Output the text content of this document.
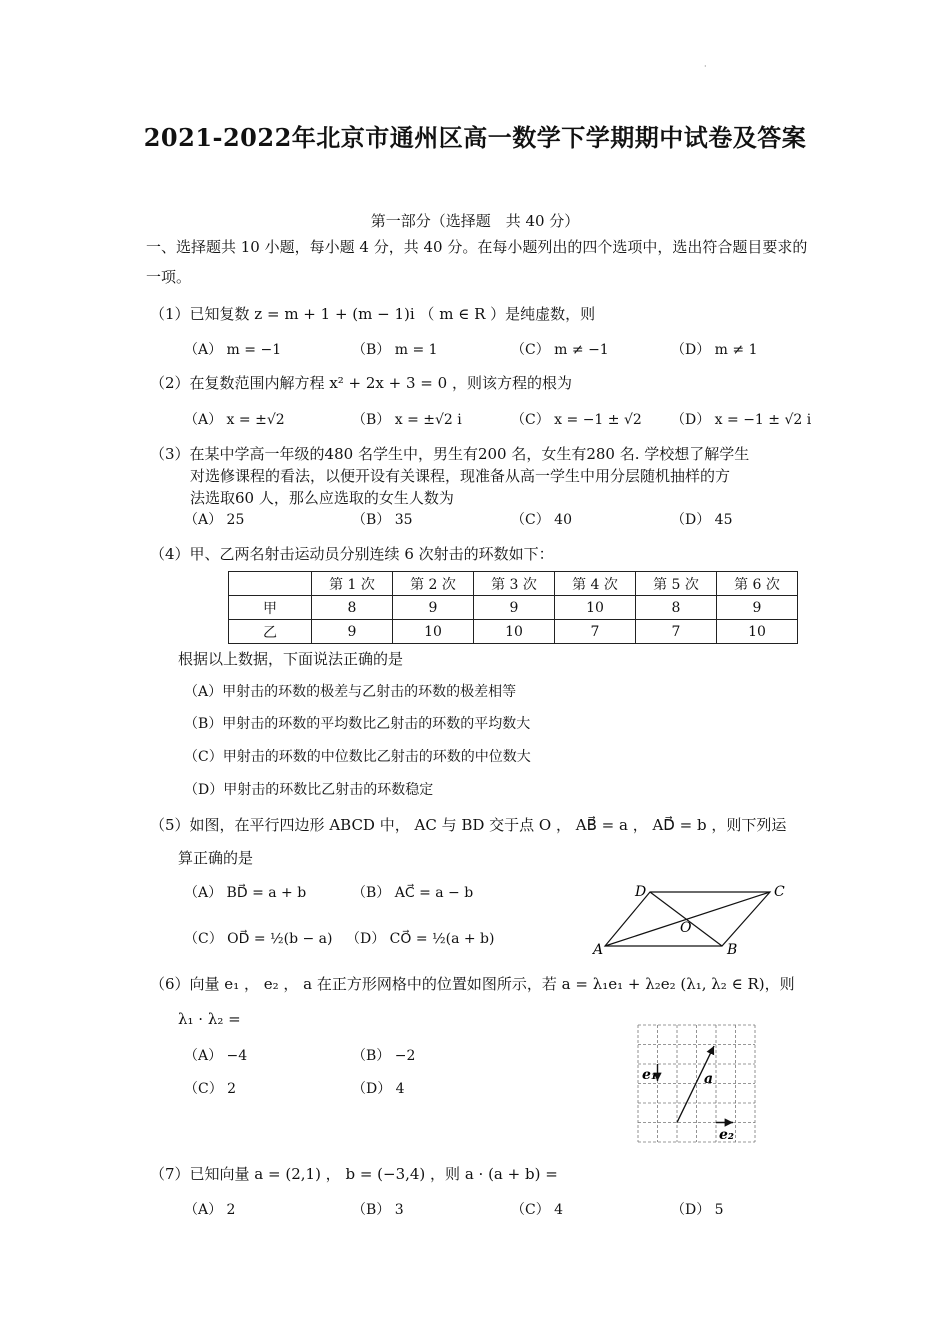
·
2021-2022年北京市通州区高一数学下学期期中试卷及答案
第一部分（选择题　共 40 分）
一、选择题共 10 小题，每小题 4 分，共 40 分。在每小题列出的四个选项中，选出符合题目要求的一项。
（1）已知复数 z = m + 1 + (m − 1)i （ m ∈ R ）是纯虚数，则
（A） m = −1	（B） m = 1	（C） m ≠ −1	（D） m ≠ 1
（2）在复数范围内解方程 x² + 2x + 3 = 0 ，则该方程的根为
（A） x = ±√2	（B） x = ±√2 i	（C） x = −1 ± √2 （D） x = −1 ± √2 i
（3）在某中学高一年级的480 名学生中，男生有200 名，女生有280 名. 学校想了解学生
对选修课程的看法，以便开设有关课程，现准备从高一学生中用分层随机抽样的方
法选取60 人，那么应选取的女生人数为
（A） 25	（B） 35	（C） 40	（D） 45
（4）甲、乙两名射击运动员分别连续 6 次射击的环数如下：
	第 1 次	第 2 次	第 3 次	第 4 次	第 5 次	第 6 次
甲	8	9	9	10	8	9
乙	9	10	10	7	7	10
根据以上数据，下面说法正确的是
（A）甲射击的环数的极差与乙射击的环数的极差相等
（B）甲射击的环数的平均数比乙射击的环数的平均数大
（C）甲射击的环数的中位数比乙射击的环数的中位数大
（D）甲射击的环数比乙射击的环数稳定
（5）如图，在平行四边形 ABCD 中， AC 与 BD 交于点 O ， AB⃗ = a ， AD⃗ = b ，则下列运
算正确的是
（A） BD⃗ = a + b	（B） AC⃗ = a − b
（C） OD⃗ = ½(b − a) （D） CO⃗ = ½(a + b)
D	C
O
A	B
（6）向量 e₁ ， e₂ ， a 在正方形网格中的位置如图所示，若 a = λ₁e₁ + λ₂e₂ (λ₁, λ₂ ∈ R)，则
λ₁ · λ₂ =
（A） −4	（B） −2
（C） 2	（D） 4
e₁	a
e₂
（7）已知向量 a = (2,1) ， b = (−3,4) ，则 a · (a + b) =
（A） 2	（B） 3	（C） 4	（D） 5
